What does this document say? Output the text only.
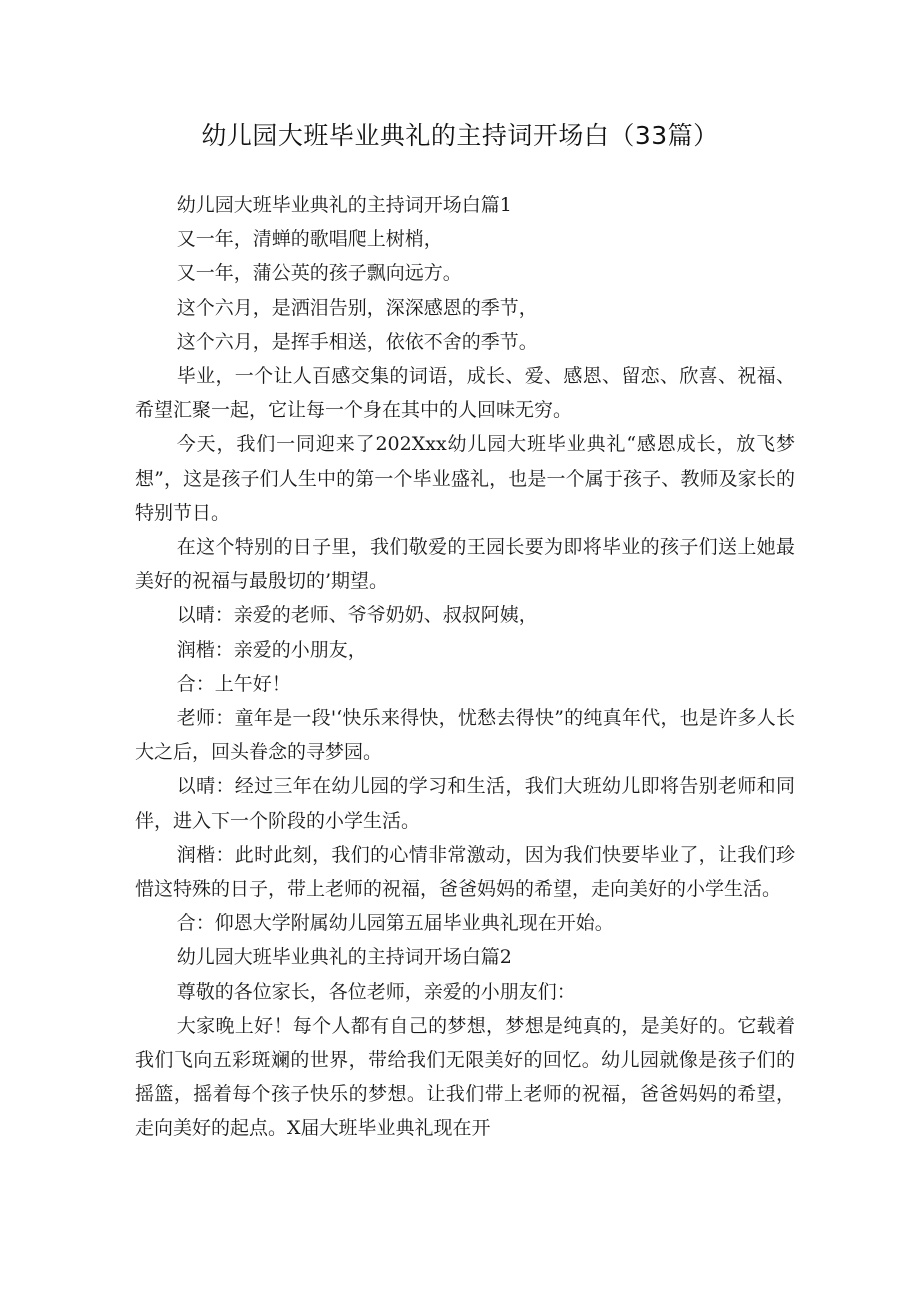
幼儿园大班毕业典礼的主持词开场白（33篇）

幼儿园大班毕业典礼的主持词开场白篇1

又一年，清蝉的歌唱爬上树梢，

又一年，蒲公英的孩子飘向远方。

这个六月，是洒泪告别，深深感恩的季节，

这个六月，是挥手相送，依依不舍的季节。

毕业，一个让人百感交集的词语，成长、爱、感恩、留恋、欣喜、祝福、希望汇聚一起，它让每一个身在其中的人回味无穷。

今天，我们一同迎来了202Xxx幼儿园大班毕业典礼“感恩成长，放飞梦想”，这是孩子们人生中的第一个毕业盛礼，也是一个属于孩子、教师及家长的特别节日。

在这个特别的日子里，我们敬爱的王园长要为即将毕业的孩子们送上她最美好的祝福与最殷切的’期望。

以晴：亲爱的老师、爷爷奶奶、叔叔阿姨，

润楷：亲爱的小朋友，

合：上午好！

老师：童年是一段'‘快乐来得快，忧愁去得快”的纯真年代，也是许多人长大之后，回头眷念的寻梦园。

以晴：经过三年在幼儿园的学习和生活，我们大班幼儿即将告别老师和同伴，进入下一个阶段的小学生活。

润楷：此时此刻，我们的心情非常激动，因为我们快要毕业了，让我们珍惜这特殊的日子，带上老师的祝福，爸爸妈妈的希望，走向美好的小学生活。

合：仰恩大学附属幼儿园第五届毕业典礼现在开始。

幼儿园大班毕业典礼的主持词开场白篇2

尊敬的各位家长，各位老师，亲爱的小朋友们：

大家晚上好！每个人都有自己的梦想，梦想是纯真的，是美好的。它载着我们飞向五彩斑斓的世界，带给我们无限美好的回忆。幼儿园就像是孩子们的摇篮，摇着每个孩子快乐的梦想。让我们带上老师的祝福，爸爸妈妈的希望，走向美好的起点。X届大班毕业典礼现在开
